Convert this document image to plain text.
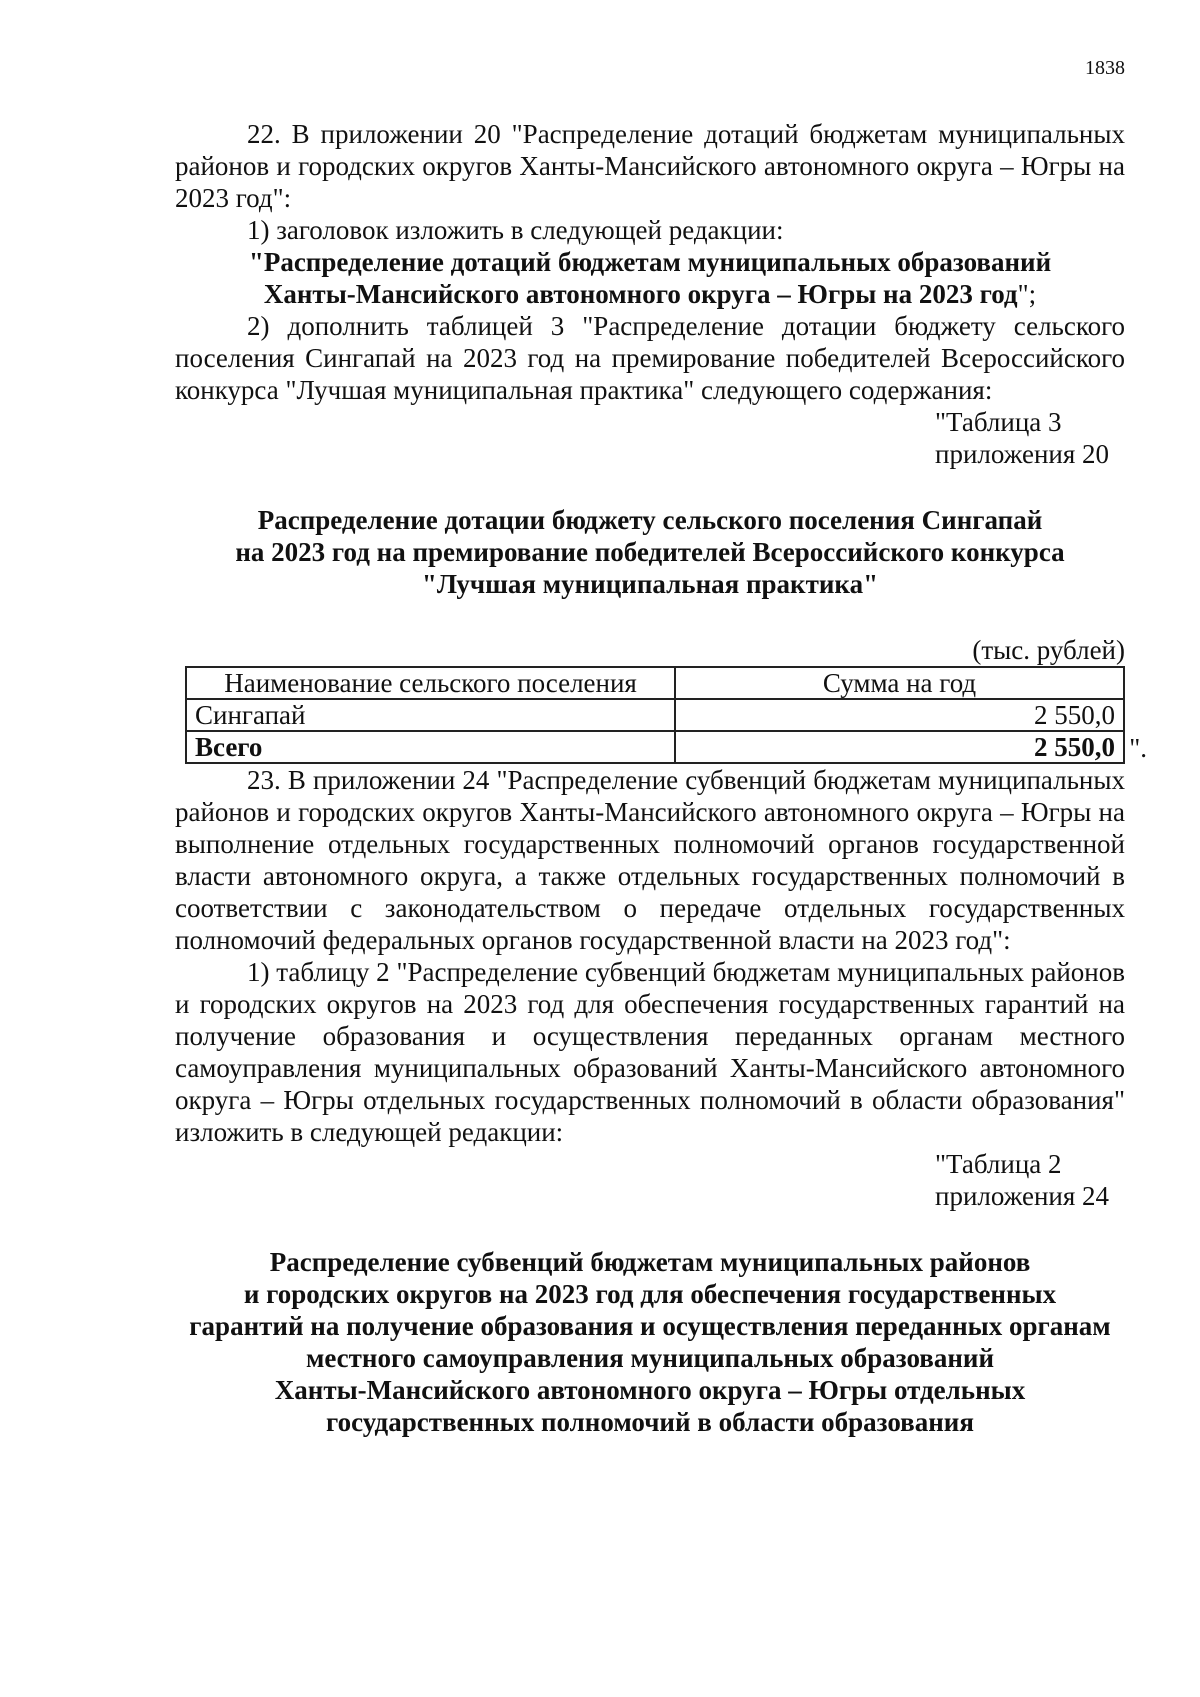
1838

22. В приложении 20 "Распределение дотаций бюджетам муниципальных районов и городских округов Ханты-Мансийского автономного округа – Югры на 2023 год":

1) заголовок изложить в следующей редакции:

"Распределение дотаций бюджетам муниципальных образований
Ханты-Мансийского автономного округа – Югры на 2023 год";

2) дополнить таблицей 3 "Распределение дотации бюджету сельского поселения Сингапай на 2023 год на премирование победителей Всероссийского конкурса "Лучшая муниципальная практика" следующего содержания:

"Таблица 3
приложения 20

Распределение дотации бюджету сельского поселения Сингапай
на 2023 год на премирование победителей Всероссийского конкурса
"Лучшая муниципальная практика"

(тыс. рублей)

Наименование сельского поселения	Сумма на год
Сингапай	2 550,0
Всего	2 550,0 ".

23. В приложении 24 "Распределение субвенций бюджетам муниципальных районов и городских округов Ханты-Мансийского автономного округа – Югры на выполнение отдельных государственных полномочий органов государственной власти автономного округа, а также отдельных государственных полномочий в соответствии с законодательством о передаче отдельных государственных полномочий федеральных органов государственной власти на 2023 год":

1) таблицу 2 "Распределение субвенций бюджетам муниципальных районов и городских округов на 2023 год для обеспечения государственных гарантий на получение образования и осуществления переданных органам местного самоуправления муниципальных образований Ханты-Мансийского автономного округа – Югры отдельных государственных полномочий в области образования" изложить в следующей редакции:

"Таблица 2
приложения 24

Распределение субвенций бюджетам муниципальных районов
и городских округов на 2023 год для обеспечения государственных
гарантий на получение образования и осуществления переданных органам
местного самоуправления муниципальных образований
Ханты-Мансийского автономного округа – Югры отдельных
государственных полномочий в области образования
